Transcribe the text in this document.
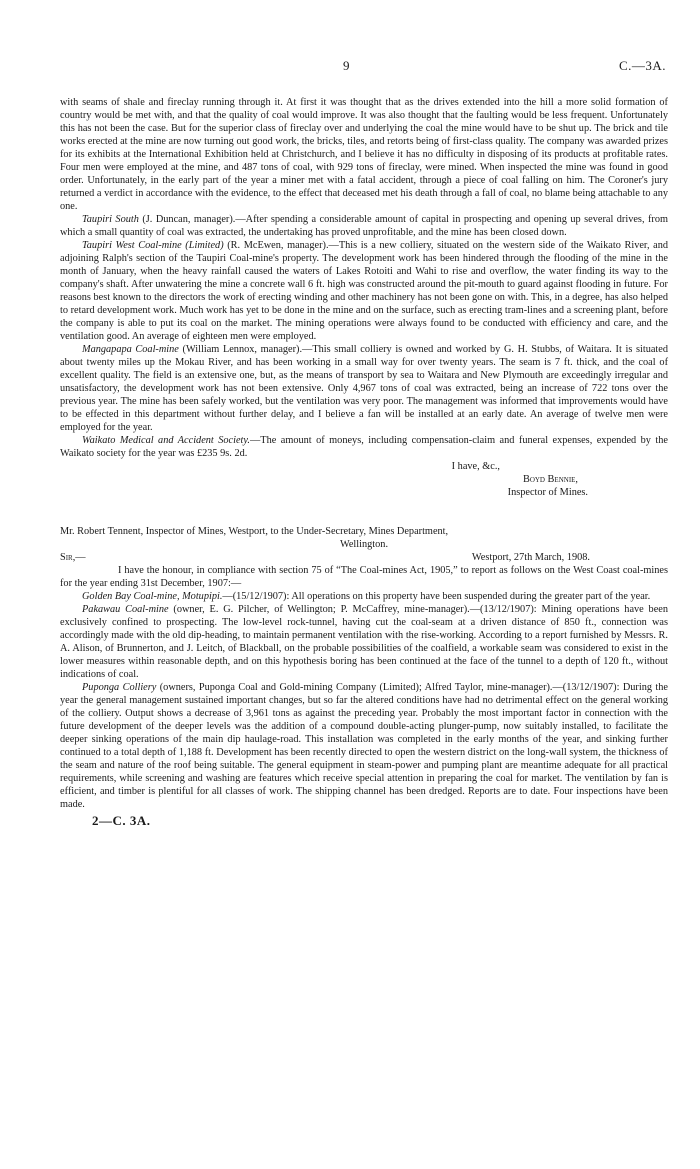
9	C.—3A.

with seams of shale and fireclay running through it. At first it was thought that as the drives extended into the hill a more solid formation of country would be met with, and that the quality of coal would improve. It was also thought that the faulting would be less frequent. Unfortunately this has not been the case. But for the superior class of fireclay over and underlying the coal the mine would have to be shut up. The brick and tile works erected at the mine are now turning out good work, the bricks, tiles, and retorts being of first-class quality. The company was awarded prizes for its exhibits at the International Exhibition held at Christchurch, and I believe it has no difficulty in disposing of its products at profitable rates. Four men were employed at the mine, and 487 tons of coal, with 929 tons of fireclay, were mined. When inspected the mine was found in good order. Unfortunately, in the early part of the year a miner met with a fatal accident, through a piece of coal falling on him. The Coroner's jury returned a verdict in accordance with the evidence, to the effect that deceased met his death through a fall of coal, no blame being attachable to any one.

Taupiri South (J. Duncan, manager).—After spending a considerable amount of capital in prospecting and opening up several drives, from which a small quantity of coal was extracted, the undertaking has proved unprofitable, and the mine has been closed down.

Taupiri West Coal-mine (Limited) (R. McEwen, manager).—This is a new colliery, situated on the western side of the Waikato River, and adjoining Ralph's section of the Taupiri Coal-mine's property. The development work has been hindered through the flooding of the mine in the month of January, when the heavy rainfall caused the waters of Lakes Rotoiti and Wahi to rise and overflow, the water finding its way to the company's shaft. After unwatering the mine a concrete wall 6 ft. high was constructed around the pit-mouth to guard against flooding in future. For reasons best known to the directors the work of erecting winding and other machinery has not been gone on with. This, in a degree, has also helped to retard development work. Much work has yet to be done in the mine and on the surface, such as erecting tram-lines and a screening plant, before the company is able to put its coal on the market. The mining operations were always found to be conducted with efficiency and care, and the ventilation good. An average of eighteen men were employed.

Mangapapa Coal-mine (William Lennox, manager).—This small colliery is owned and worked by G. H. Stubbs, of Waitara. It is situated about twenty miles up the Mokau River, and has been working in a small way for over twenty years. The seam is 7 ft. thick, and the coal of excellent quality. The field is an extensive one, but, as the means of transport by sea to Waitara and New Plymouth are exceedingly irregular and unsatisfactory, the development work has not been extensive. Only 4,967 tons of coal was extracted, being an increase of 722 tons over the previous year. The mine has been safely worked, but the ventilation was very poor. The management was informed that improvements would have to be effected in this department without further delay, and I believe a fan will be installed at an early date. An average of twelve men were employed for the year.

Waikato Medical and Accident Society.—The amount of moneys, including compensation-claim and funeral expenses, expended by the Waikato society for the year was £235 9s. 2d.

I have, &c.,
Boyd Bennie,
Inspector of Mines.

Mr. Robert Tennent, Inspector of Mines, Westport, to the Under-Secretary, Mines Department,

Wellington.

Sir,—	Westport, 27th March, 1908.

I have the honour, in compliance with section 75 of “The Coal-mines Act, 1905,” to report as follows on the West Coast coal-mines for the year ending 31st December, 1907:—

Golden Bay Coal-mine, Motupipi.—(15/12/1907): All operations on this property have been suspended during the greater part of the year.

Pakawau Coal-mine (owner, E. G. Pilcher, of Wellington; P. McCaffrey, mine-manager).—(13/12/1907): Mining operations have been exclusively confined to prospecting. The low-level rock-tunnel, having cut the coal-seam at a driven distance of 850 ft., connection was accordingly made with the old dip-heading, to maintain permanent ventilation with the rise-working. According to a report furnished by Messrs. R. A. Alison, of Brunnerton, and J. Leitch, of Blackball, on the probable possibilities of the coalfield, a workable seam was considered to exist in the lower measures within reasonable depth, and on this hypothesis boring has been continued at the face of the tunnel to a depth of 120 ft., without indications of coal.

Puponga Colliery (owners, Puponga Coal and Gold-mining Company (Limited); Alfred Taylor, mine-manager).—(13/12/1907): During the year the general management sustained important changes, but so far the altered conditions have had no detrimental effect on the general working of the colliery. Output shows a decrease of 3,961 tons as against the preceding year. Probably the most important factor in connection with the future development of the deeper levels was the addition of a compound double-acting plunger-pump, now suitably installed, to facilitate the deeper sinking operations of the main dip haulage-road. This installation was completed in the early months of the year, and sinking further continued to a total depth of 1,188 ft. Development has been recently directed to open the western district on the long-wall system, the thickness of the seam and nature of the roof being suitable. The general equipment in steam-power and pumping plant are meantime adequate for all practical requirements, while screening and washing are features which receive special attention in preparing the coal for market. The ventilation by fan is efficient, and timber is plentiful for all classes of work. The shipping channel has been dredged. Reports are to date. Four inspections have been made.

2—C. 3A.
